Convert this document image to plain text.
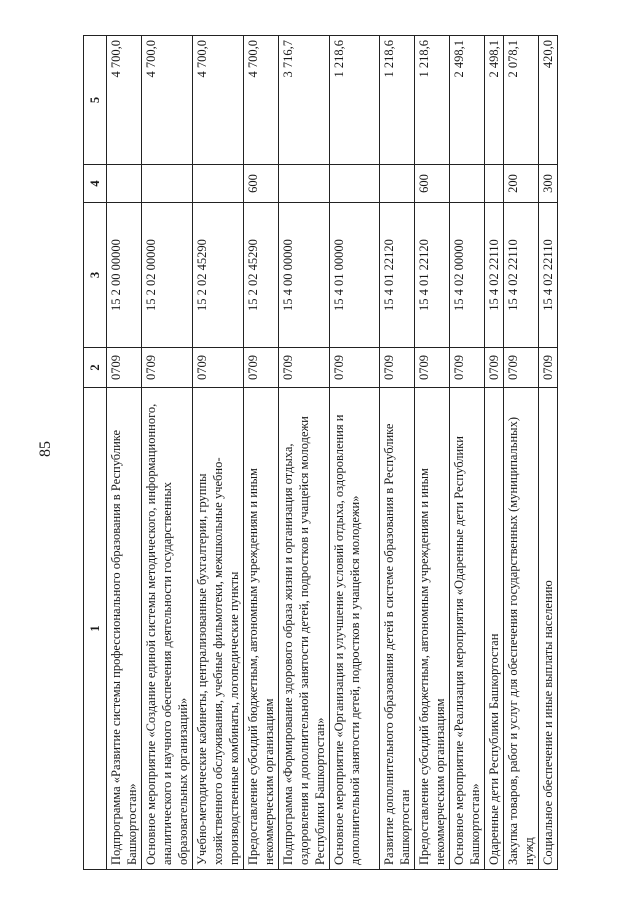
85
1	2	3	4	5
Подпрограмма «Развитие системы профессионального образования в Республике Башкортостан»	0709	15 2 00 00000		4 700,0
Основное мероприятие «Создание единой системы методического, информационного, аналитического и научного обеспечения деятельности государственных образовательных организаций»	0709	15 2 02 00000		4 700,0
Учебно-методические кабинеты, централизованные бухгалтерии, группы хозяйственного обслуживания, учебные фильмотеки, межшкольные учебно-производственные комбинаты, логопедические пункты	0709	15 2 02 45290		4 700,0
Предоставление субсидий бюджетным, автономным учреждениям и иным некоммерческим организациям	0709	15 2 02 45290	600	4 700,0
Подпрограмма «Формирование здорового образа жизни и организация отдыха, оздоровления и дополнительной занятости детей, подростков и учащейся молодежи Республики Башкортостан»	0709	15 4 00 00000		3 716,7
Основное мероприятие «Организация и улучшение условий отдыха, оздоровления и дополнительной занятости детей, подростков и учащейся молодежи»	0709	15 4 01 00000		1 218,6
Развитие дополнительного образования детей в системе образования в Республике Башкортостан	0709	15 4 01 22120		1 218,6
Предоставление субсидий бюджетным, автономным учреждениям и иным некоммерческим организациям	0709	15 4 01 22120	600	1 218,6
Основное мероприятие «Реализация мероприятия «Одаренные дети Республики Башкортостан»	0709	15 4 02 00000		2 498,1
Одаренные дети Республики Башкортостан	0709	15 4 02 22110		2 498,1
Закупка товаров, работ и услуг для обеспечения государственных (муниципальных) нужд	0709	15 4 02 22110	200	2 078,1
Социальное обеспечение и иные выплаты населению	0709	15 4 02 22110	300	420,0
